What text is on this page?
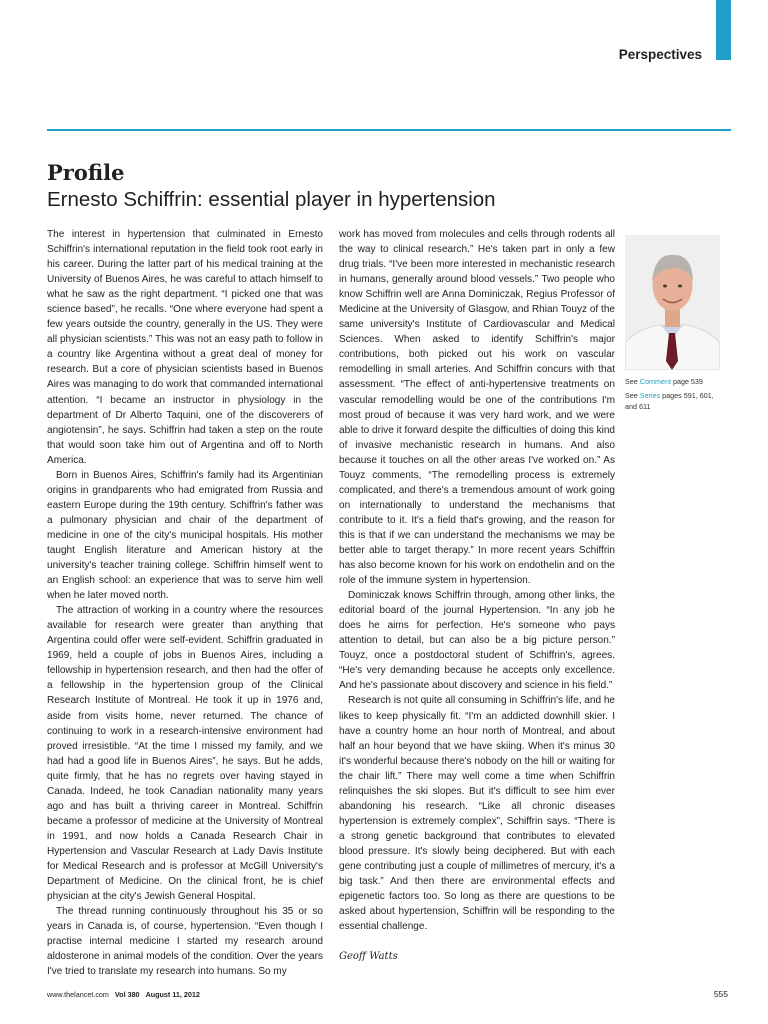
Perspectives
Profile
Ernesto Schiffrin: essential player in hypertension

The interest in hypertension that culminated in Ernesto Schiffrin's international reputation in the field took root early in his career. During the latter part of his medical training at the University of Buenos Aires, he was careful to attach himself to what he saw as the right department. “I picked one that was science based”, he recalls. “One where everyone had spent a few years outside the country, generally in the US. They were all physician scientists.” This was not an easy path to follow in a country like Argentina without a great deal of money for research. But a core of physician scientists based in Buenos Aires was managing to do work that commanded international attention. “I became an instructor in physiology in the department of Dr Alberto Taquini, one of the discoverers of angiotensin”, he says. Schiffrin had taken a step on the route that would soon take him out of Argentina and off to North America.

Born in Buenos Aires, Schiffrin's family had its Argentinian origins in grandparents who had emigrated from Russia and eastern Europe during the 19th century. Schiffrin's father was a pulmonary physician and chair of the department of medicine in one of the city's municipal hospitals. His mother taught English literature and American history at the university's teacher training college. Schiffrin himself went to an English school: an experience that was to serve him well when he later moved north.

The attraction of working in a country where the resources available for research were greater than anything that Argentina could offer were self-evident. Schiffrin graduated in 1969, held a couple of jobs in Buenos Aires, including a fellowship in hypertension research, and then had the offer of a fellowship in the hypertension group of the Clinical Research Institute of Montreal. He took it up in 1976 and, aside from visits home, never returned. The chance of continuing to work in a research-intensive environment had proved irresistible. “At the time I missed my family, and we had had a good life in Buenos Aires”, he says. But he adds, quite firmly, that he has no regrets over having stayed in Canada. Indeed, he took Canadian nationality many years ago and has built a thriving career in Montreal. Schiffrin became a professor of medicine at the University of Montreal in 1991, and now holds a Canada Research Chair in Hypertension and Vascular Research at Lady Davis Institute for Medical Research and is professor at McGill University's Department of Medicine. On the clinical front, he is chief physician at the city's Jewish General Hospital.

The thread running continuously throughout his 35 or so years in Canada is, of course, hypertension. “Even though I practise internal medicine I started my research around aldosterone in animal models of the condition. Over the years I've tried to translate my research into humans. So my

work has moved from molecules and cells through rodents all the way to clinical research.” He's taken part in only a few drug trials. “I've been more interested in mechanistic research in humans, generally around blood vessels.” Two people who know Schiffrin well are Anna Dominiczak, Regius Professor of Medicine at the University of Glasgow, and Rhian Touyz of the same university's Institute of Cardiovascular and Medical Sciences. When asked to identify Schiffrin's major contributions, both picked out his work on vascular remodelling in small arteries. And Schiffrin concurs with that assessment. “The effect of anti-hypertensive treatments on vascular remodelling would be one of the contributions I'm most proud of because it was very hard work, and we were able to drive it forward despite the difficulties of doing this kind of invasive mechanistic research in humans. And also because it touches on all the other areas I've worked on.” As Touyz comments, “The remodelling process is extremely complicated, and there's a tremendous amount of work going on internationally to understand the mechanisms that contribute to it. It's a field that's growing, and the reason for this is that if we can understand the mechanisms we may be better able to target therapy.” In more recent years Schiffrin has also become known for his work on endothelin and on the role of the immune system in hypertension.

Dominiczak knows Schiffrin through, among other links, the editorial board of the journal Hypertension. “In any job he does he aims for perfection. He's someone who pays attention to detail, but can also be a big picture person.” Touyz, once a postdoctoral student of Schiffrin's, agrees. “He's very demanding because he accepts only excellence. And he's passionate about discovery and science in his field.”

Research is not quite all consuming in Schiffrin's life, and he likes to keep physically fit. “I'm an addicted downhill skier. I have a country home an hour north of Montreal, and about half an hour beyond that we have skiing. When it's minus 30 it's wonderful because there's nobody on the hill or waiting for the chair lift.” There may well come a time when Schiffrin relinquishes the ski slopes. But it's difficult to see him ever abandoning his research. “Like all chronic diseases hypertension is extremely complex”, Schiffrin says. “There is a strong genetic background that contributes to elevated blood pressure. It's slowly being deciphered. But with each gene contributing just a couple of millimetres of mercury, it's a big task.” And then there are environmental effects and epigenetic factors too. So long as there are questions to be asked about hypertension, Schiffrin will be responding to the essential challenge.

Geoff Watts

See Comment page 539
See Series pages 591, 601, and 611
www.thelancet.com Vol 380 August 11, 2012	555
